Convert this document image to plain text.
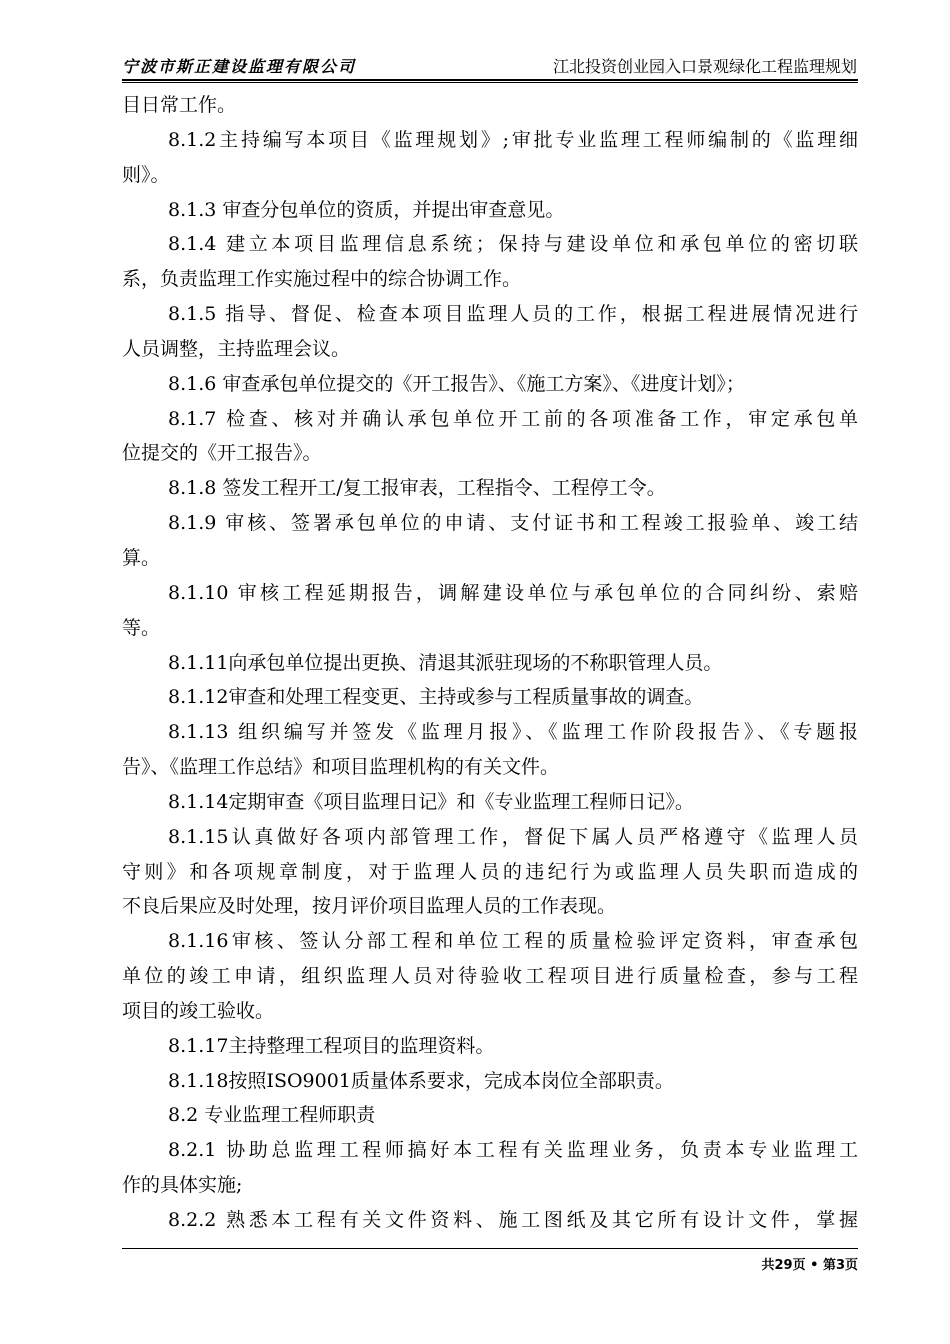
宁波市斯正建设监理有限公司	江北投资创业园入口景观绿化工程监理规划
目日常工作。
8.1.2主持编写本项目《监理规划》;审批专业监理工程师编制的《监理细
则》。
8.1.3 审查分包单位的资质，并提出审查意见。
8.1.4 建立本项目监理信息系统；保持与建设单位和承包单位的密切联
系，负责监理工作实施过程中的综合协调工作。
8.1.5 指导、督促、检查本项目监理人员的工作，根据工程进展情况进行
人员调整，主持监理会议。
8.1.6 审查承包单位提交的《开工报告》、《施工方案》、《进度计划》；
8.1.7 检查、核对并确认承包单位开工前的各项准备工作，审定承包单
位提交的《开工报告》。
8.1.8 签发工程开工/复工报审表，工程指令、工程停工令。
8.1.9 审核、签署承包单位的申请、支付证书和工程竣工报验单、竣工结
算。
8.1.10 审核工程延期报告，调解建设单位与承包单位的合同纠纷、索赔
等。
8.1.11向承包单位提出更换、清退其派驻现场的不称职管理人员。
8.1.12审查和处理工程变更、主持或参与工程质量事故的调查。
8.1.13 组织编写并签发《监理月报》、《监理工作阶段报告》、《专题报
告》、《监理工作总结》和项目监理机构的有关文件。
8.1.14定期审查《项目监理日记》和《专业监理工程师日记》。
8.1.15认真做好各项内部管理工作，督促下属人员严格遵守《监理人员
守则》和各项规章制度，对于监理人员的违纪行为或监理人员失职而造成的
不良后果应及时处理，按月评价项目监理人员的工作表现。
8.1.16审核、签认分部工程和单位工程的质量检验评定资料，审查承包
单位的竣工申请，组织监理人员对待验收工程项目进行质量检查，参与工程
项目的竣工验收。
8.1.17主持整理工程项目的监理资料。
8.1.18按照ISO9001质量体系要求，完成本岗位全部职责。
8.2 专业监理工程师职责
8.2.1 协助总监理工程师搞好本工程有关监理业务，负责本专业监理工
作的具体实施;
8.2.2 熟悉本工程有关文件资料、施工图纸及其它所有设计文件，掌握
共29页 • 第3页
